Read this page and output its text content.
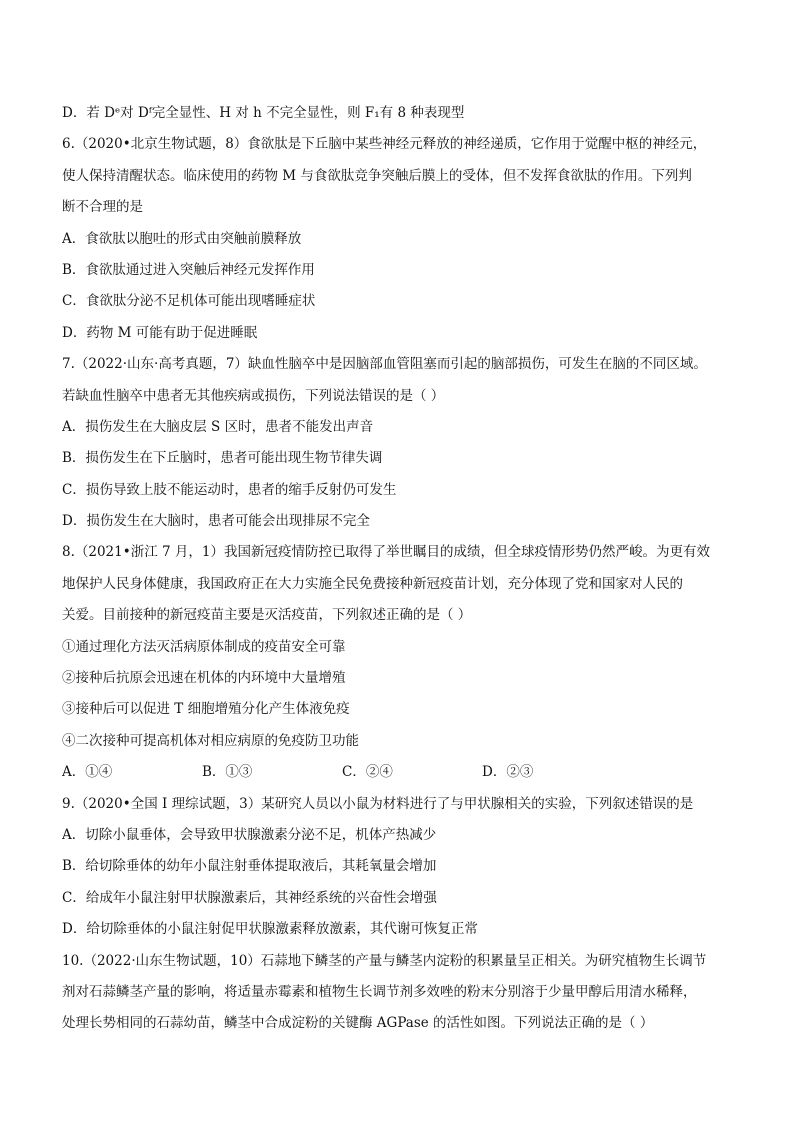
D．若 Dᵉ对 Dᶠ完全显性、H 对 h 不完全显性，则 F₁有 8 种表现型
6.（2020•北京生物试题，8）食欲肽是下丘脑中某些神经元释放的神经递质，它作用于觉醒中枢的神经元，
使人保持清醒状态。临床使用的药物 M 与食欲肽竞争突触后膜上的受体，但不发挥食欲肽的作用。下列判
断不合理的是
A．食欲肽以胞吐的形式由突触前膜释放
B．食欲肽通过进入突触后神经元发挥作用
C．食欲肽分泌不足机体可能出现嗜睡症状
D．药物 M 可能有助于促进睡眠
7.（2022·山东·高考真题，7）缺血性脑卒中是因脑部血管阻塞而引起的脑部损伤，可发生在脑的不同区域。
若缺血性脑卒中患者无其他疾病或损伤，下列说法错误的是（ ）
A．损伤发生在大脑皮层 S 区时，患者不能发出声音
B．损伤发生在下丘脑时，患者可能出现生物节律失调
C．损伤导致上肢不能运动时，患者的缩手反射仍可发生
D．损伤发生在大脑时，患者可能会出现排尿不完全
8.（2021•浙江 7 月，1）我国新冠疫情防控已取得了举世瞩目的成绩，但全球疫情形势仍然严峻。为更有效
地保护人民身体健康，我国政府正在大力实施全民免费接种新冠疫苗计划，充分体现了党和国家对人民的
关爱。目前接种的新冠疫苗主要是灭活疫苗，下列叙述正确的是（ ）
①通过理化方法灭活病原体制成的疫苗安全可靠
②接种后抗原会迅速在机体的内环境中大量增殖
③接种后可以促进 T 细胞增殖分化产生体液免疫
④二次接种可提高机体对相应病原的免疫防卫功能
A．①④	B．①③	C．②④	D．②③
9.（2020•全国 I 理综试题，3）某研究人员以小鼠为材料进行了与甲状腺相关的实验，下列叙述错误的是
A．切除小鼠垂体，会导致甲状腺激素分泌不足，机体产热减少
B．给切除垂体的幼年小鼠注射垂体提取液后，其耗氧量会增加
C．给成年小鼠注射甲状腺激素后，其神经系统的兴奋性会增强
D．给切除垂体的小鼠注射促甲状腺激素释放激素，其代谢可恢复正常
10.（2022·山东生物试题，10）石蒜地下鳞茎的产量与鳞茎内淀粉的积累量呈正相关。为研究植物生长调节
剂对石蒜鳞茎产量的影响，将适量赤霉素和植物生长调节剂多效唑的粉末分别溶于少量甲醇后用清水稀释，
处理长势相同的石蒜幼苗，鳞茎中合成淀粉的关键酶 AGPase 的活性如图。下列说法正确的是（ ）
